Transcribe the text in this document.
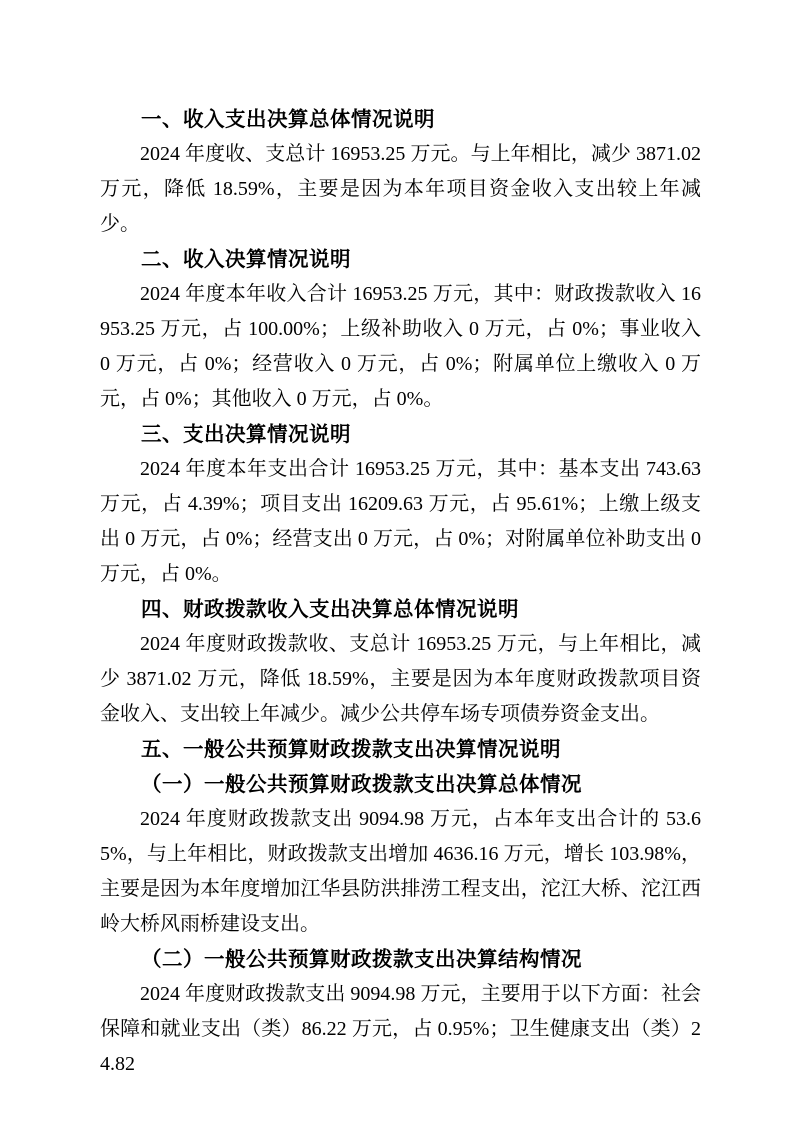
一、收入支出决算总体情况说明

2024 年度收、支总计 16953.25 万元。与上年相比，减少 3871.02 万元，降低 18.59%，主要是因为本年项目资金收入支出较上年减少。

二、收入决算情况说明

2024 年度本年收入合计 16953.25 万元，其中：财政拨款收入 16953.25 万元，占 100.00%；上级补助收入 0 万元，占 0%；事业收入 0 万元，占 0%；经营收入 0 万元，占 0%；附属单位上缴收入 0 万元，占 0%；其他收入 0 万元，占 0%。

三、支出决算情况说明

2024 年度本年支出合计 16953.25 万元，其中：基本支出 743.63 万元，占 4.39%；项目支出 16209.63 万元，占 95.61%；上缴上级支出 0 万元，占 0%；经营支出 0 万元，占 0%；对附属单位补助支出 0 万元，占 0%。

四、财政拨款收入支出决算总体情况说明

2024 年度财政拨款收、支总计 16953.25 万元，与上年相比，减少 3871.02 万元，降低 18.59%，主要是因为本年度财政拨款项目资金收入、支出较上年减少。减少公共停车场专项债券资金支出。

五、一般公共预算财政拨款支出决算情况说明
（一）一般公共预算财政拨款支出决算总体情况

2024 年度财政拨款支出 9094.98 万元，占本年支出合计的 53.65%，与上年相比，财政拨款支出增加 4636.16 万元，增长 103.98%，主要是因为本年度增加江华县防洪排涝工程支出，沱江大桥、沱江西岭大桥风雨桥建设支出。

（二）一般公共预算财政拨款支出决算结构情况

2024 年度财政拨款支出 9094.98 万元，主要用于以下方面：社会保障和就业支出（类）86.22 万元，占 0.95%；卫生健康支出（类）24.82
